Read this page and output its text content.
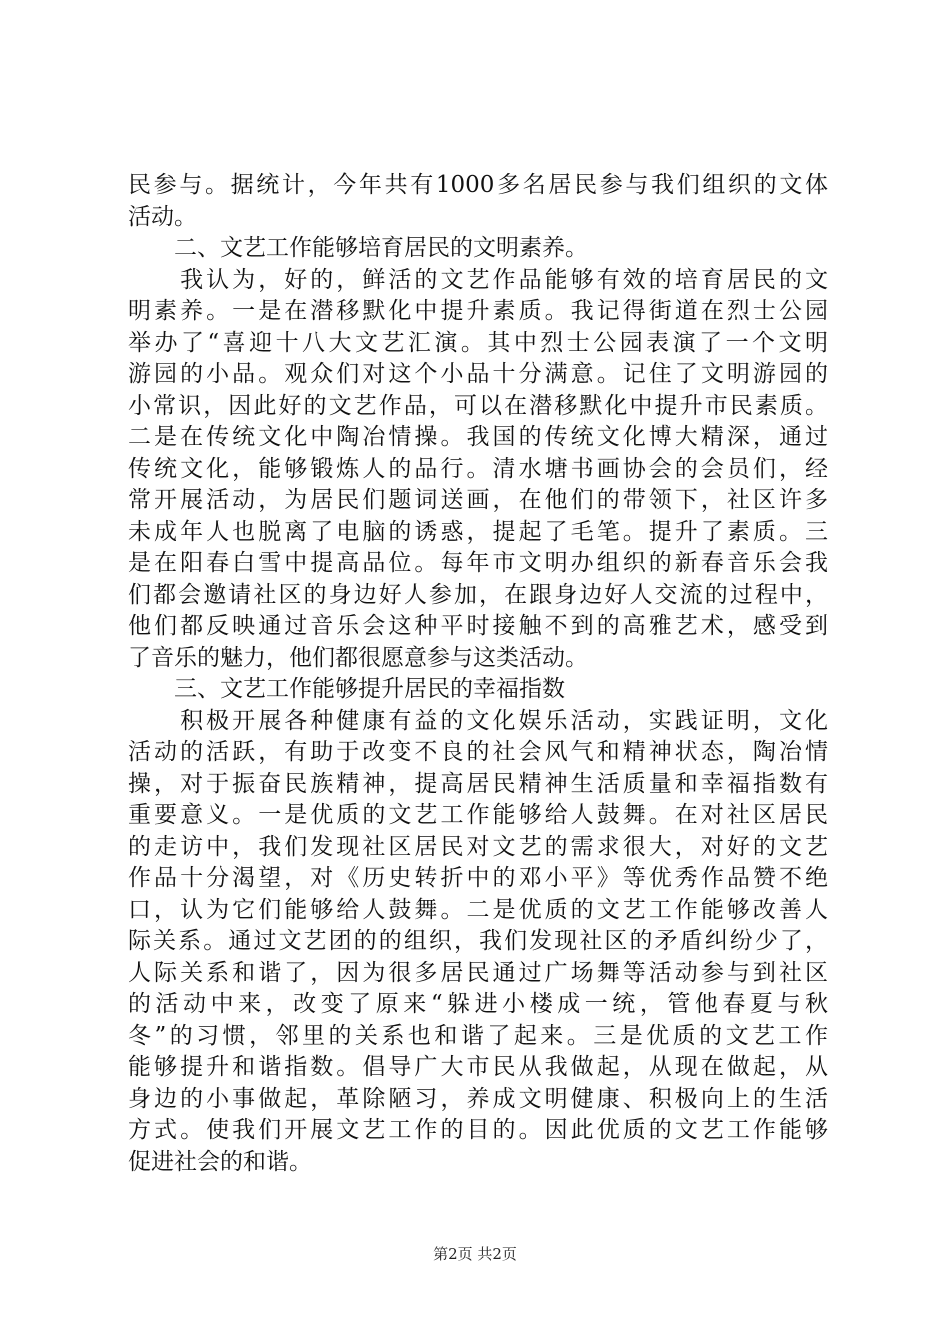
民参与。据统计，今年共有1000多名居民参与我们组织的文体
活动。
　　二、文艺工作能够培育居民的文明素养。
　　我认为，好的，鲜活的文艺作品能够有效的培育居民的文
明素养。一是在潜移默化中提升素质。我记得街道在烈士公园
举办了“喜迎十八大文艺汇演。其中烈士公园表演了一个文明
游园的小品。观众们对这个小品十分满意。记住了文明游园的
小常识，因此好的文艺作品，可以在潜移默化中提升市民素质。
二是在传统文化中陶冶情操。我国的传统文化博大精深，通过
传统文化，能够锻炼人的品行。清水塘书画协会的会员们，经
常开展活动，为居民们题词送画，在他们的带领下，社区许多
未成年人也脱离了电脑的诱惑，提起了毛笔。提升了素质。三
是在阳春白雪中提高品位。每年市文明办组织的新春音乐会我
们都会邀请社区的身边好人参加，在跟身边好人交流的过程中，
他们都反映通过音乐会这种平时接触不到的高雅艺术，感受到
了音乐的魅力，他们都很愿意参与这类活动。
　　三、文艺工作能够提升居民的幸福指数
　　积极开展各种健康有益的文化娱乐活动，实践证明，文化
活动的活跃，有助于改变不良的社会风气和精神状态，陶冶情
操，对于振奋民族精神，提高居民精神生活质量和幸福指数有
重要意义。一是优质的文艺工作能够给人鼓舞。在对社区居民
的走访中，我们发现社区居民对文艺的需求很大，对好的文艺
作品十分渴望，对《历史转折中的邓小平》等优秀作品赞不绝
口，认为它们能够给人鼓舞。二是优质的文艺工作能够改善人
际关系。通过文艺团的的组织，我们发现社区的矛盾纠纷少了，
人际关系和谐了，因为很多居民通过广场舞等活动参与到社区
的活动中来，改变了原来“躲进小楼成一统，管他春夏与秋
冬”的习惯，邻里的关系也和谐了起来。三是优质的文艺工作
能够提升和谐指数。倡导广大市民从我做起，从现在做起，从
身边的小事做起，革除陋习，养成文明健康、积极向上的生活
方式。使我们开展文艺工作的目的。因此优质的文艺工作能够
促进社会的和谐。
第2页 共2页
